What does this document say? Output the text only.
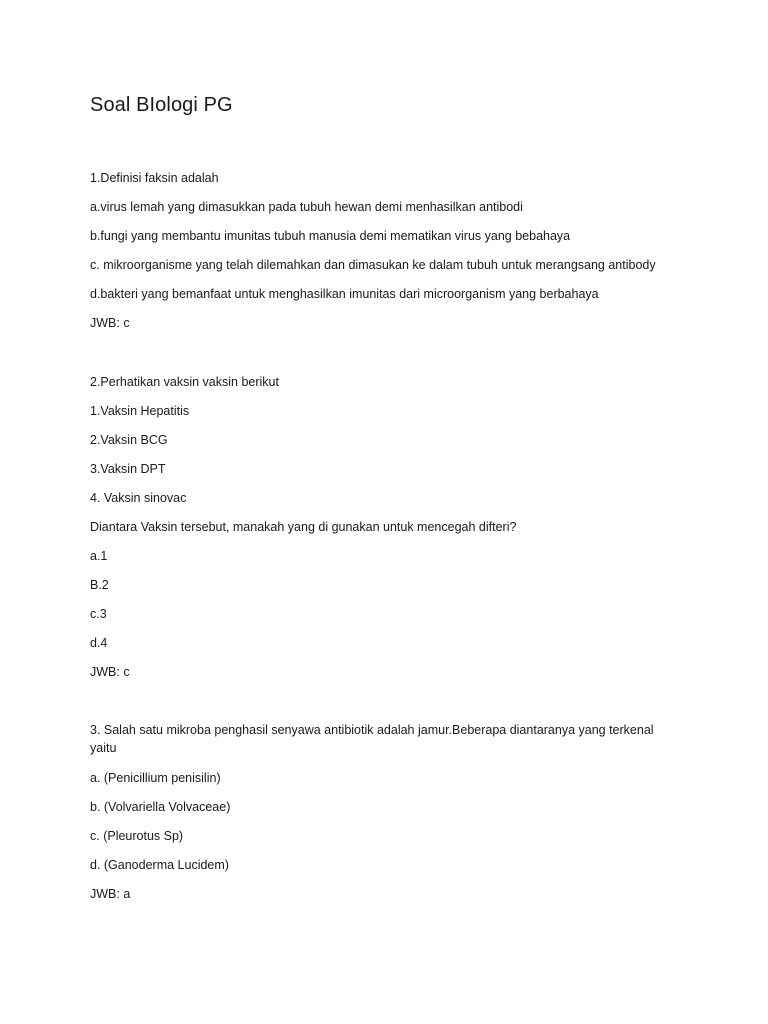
Soal BIologi PG
1.Definisi faksin adalah
a.virus lemah yang dimasukkan pada tubuh hewan demi menhasilkan antibodi
b.fungi yang membantu imunitas tubuh manusia demi mematikan virus yang bebahaya
c. mikroorganisme yang telah dilemahkan dan dimasukan ke dalam tubuh untuk merangsang antibody
d.bakteri yang bemanfaat untuk menghasilkan imunitas dari microorganism yang berbahaya
JWB: c
2.Perhatikan vaksin vaksin berikut
1.Vaksin Hepatitis
2.Vaksin BCG
3.Vaksin DPT
4. Vaksin sinovac
Diantara Vaksin tersebut, manakah yang di gunakan untuk mencegah difteri?
a.1
B.2
c.3
d.4
JWB: c
3. Salah satu mikroba penghasil senyawa antibiotik adalah jamur.Beberapa diantaranya yang terkenal yaitu
a. (Penicillium penisilin)
b. (Volvariella Volvaceae)
c. (Pleurotus Sp)
d. (Ganoderma Lucidem)
JWB: a
